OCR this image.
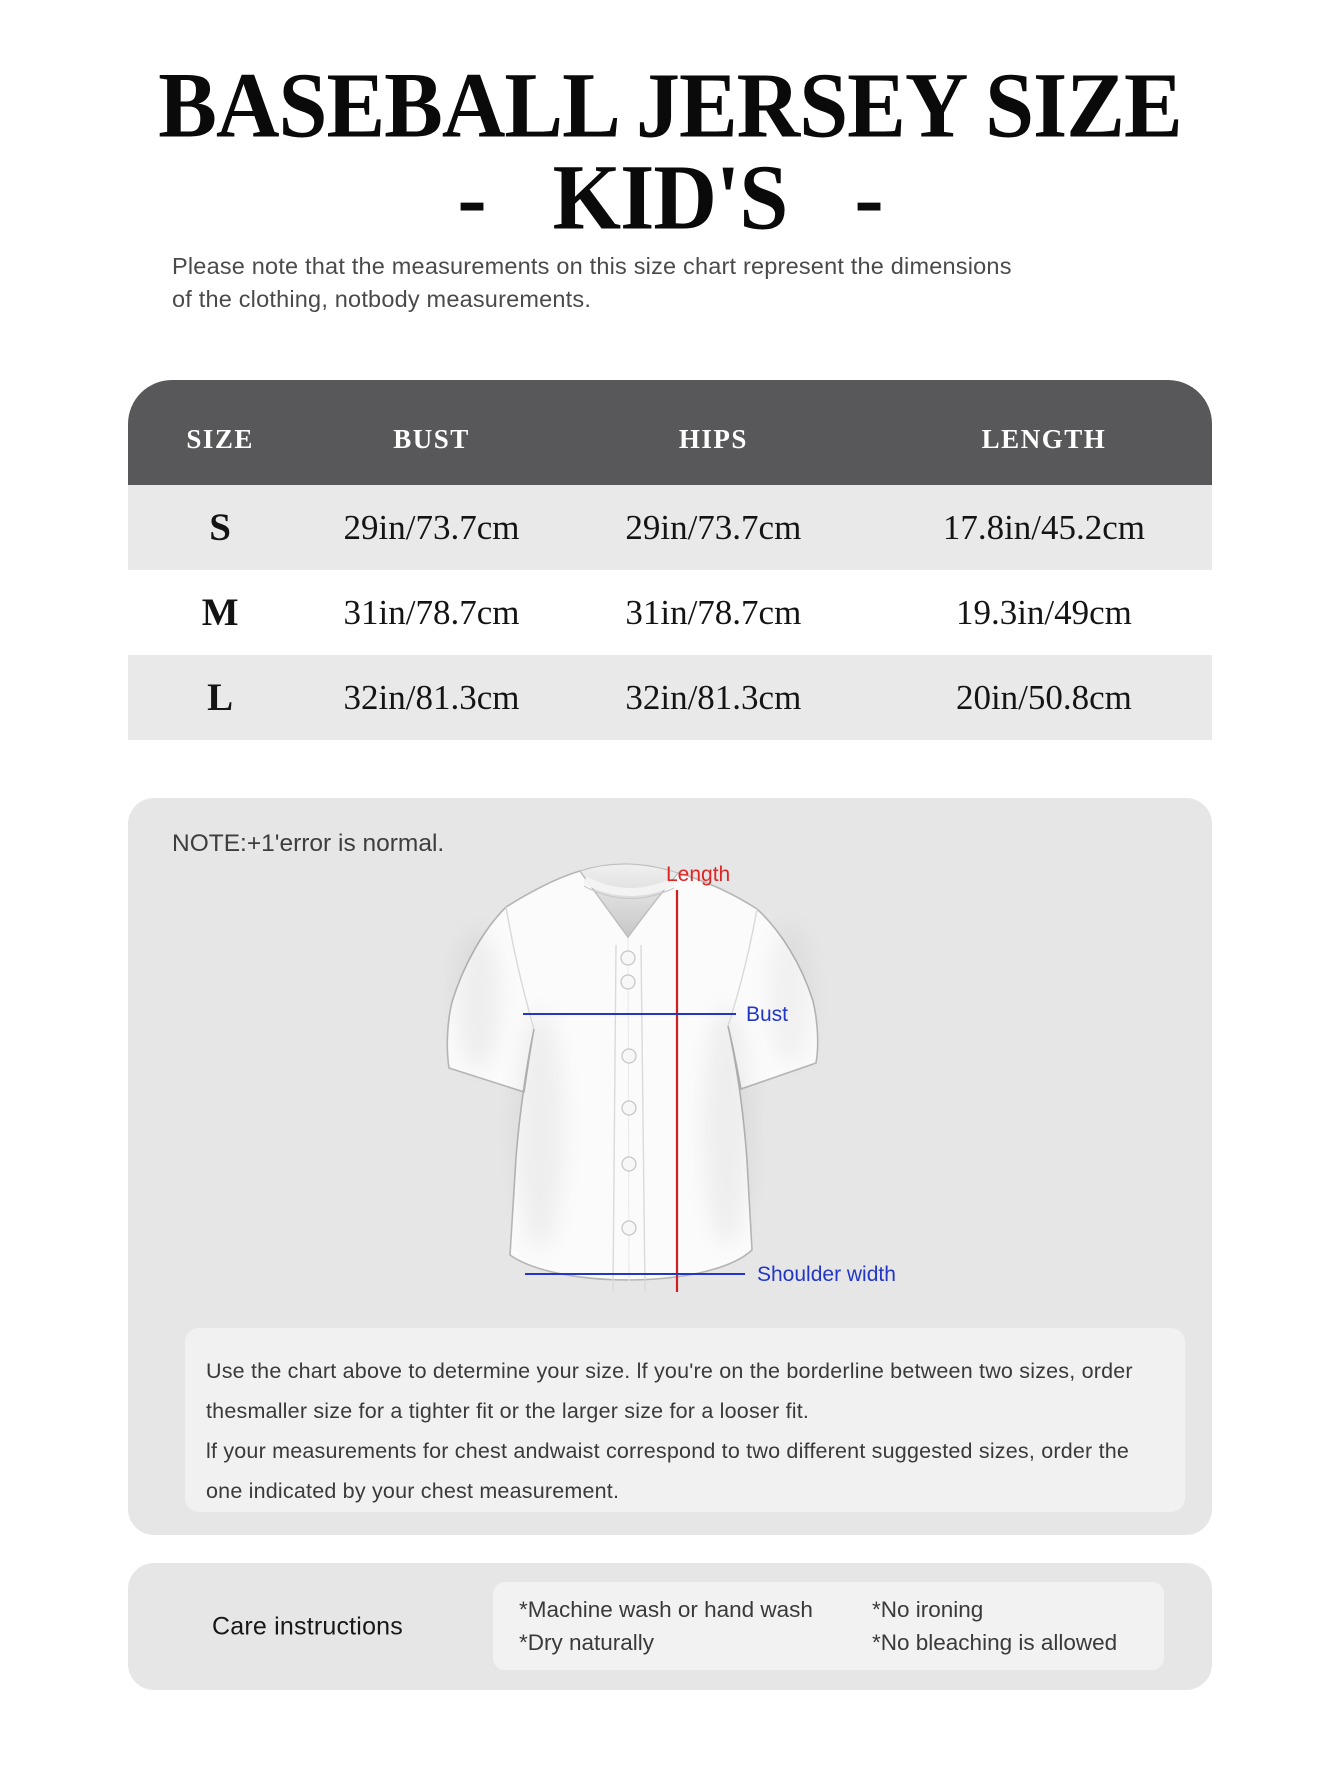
BASEBALL JERSEY SIZE
- KID'S -
Please note that the measurements on this size chart represent the dimensions
of the clothing, notbody measurements.
SIZE	BUST	HIPS	LENGTH
S	29in/73.7cm	29in/73.7cm	17.8in/45.2cm
M	31in/78.7cm	31in/78.7cm	19.3in/49cm
L	32in/81.3cm	32in/81.3cm	20in/50.8cm
NOTE:+1'error is normal.
Length
Bust
Shoulder width
Use the chart above to determine your size. lf you're on the borderline between two sizes, order
thesmaller size for a tighter fit or the larger size for a looser fit.
lf your measurements for chest andwaist correspond to two different suggested sizes, order the
one indicated by your chest measurement.
Care instructions
*Machine wash or hand wash
*Dry naturally
*No ironing
*No bleaching is allowed
